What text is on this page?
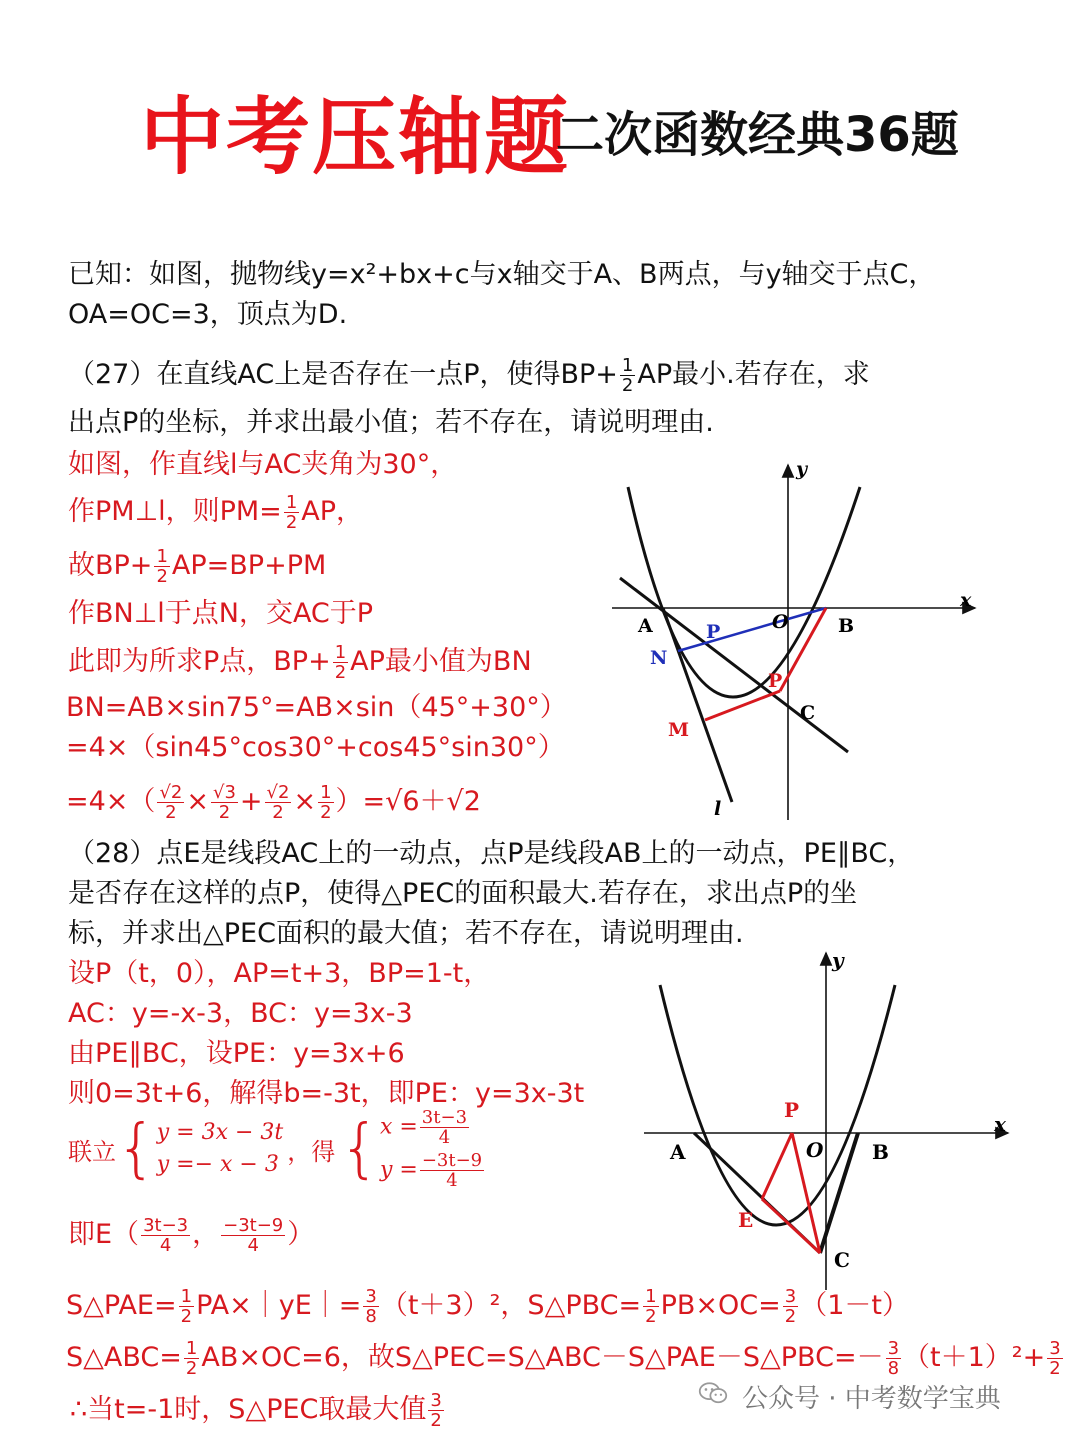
中考压轴题
二次函数经典36题
已知：如图，抛物线y=x²+bx+c与x轴交于A、B两点，与y轴交于点C，
OA=OC=3，顶点为D.
（27）在直线AC上是否存在一点P，使得$BP+ \frac{1}{2}$ AP最小.若存在，求
出点P的坐标，并求出最小值；若不存在，请说明理由.
如图，作直线l与AC夹角为30°，
作PM⊥l，则$PM= \frac{1}{2}$ AP，
故$BP+ \frac{1}{2} AP=BP+PM$
作BN⊥l于点N，交AC于P
此即为所求P点，$BP+ \frac{1}{2}$ AP最小值为BN
BN=AB×sin75°=AB×sin（45°+30°）
=4×（sin45°cos30°+cos45°sin30°）
$=4\times( \frac{√2}{2} \times \frac{√3}{2} + \frac{√2}{2} \times \frac{1}{2} )=√6+√2$
y
x
A	O	B
P
N
P
C
M
l
（28）点E是线段AC上的一动点，点P是线段AB上的一动点，PE∥BC，
是否存在这样的点P，使得△PEC的面积最大.若存在，求出点P的坐
标，并求出△PEC面积的最大值；若不存在，请说明理由.
设P（t，0），AP=t+3，BP=1-t，
AC：y=-x-3，BC：y=3x-3
由PE∥BC，设PE：y=3x+6
则0=3t+6，解得b=-3t，即PE：y=3x-3t
联立{ y = 3x − 3t
y =− x − 3 ，得{ $x = \frac{3t-3}{4}$
$y = \frac{-3t-9}{4}$
即$E( \frac{3t-3}{4}$ ， $\frac{-3t-9}{4}$ ）
S△PAE= $\frac{1}{2}$ PA×｜yE｜= $\frac{3}{8} (t+3)^2$，S△PBC= $\frac{1}{2} PB\times OC= \frac{3}{2} (1-t)$
S△ABC= $\frac{1}{2} AB\times OC=6$，故S△PEC=S△ABC－S△PAE－S△PBC=－ $\frac{3}{8} (t+1)^2+ \frac{3}{2}$
∴当t=-1时，S△PEC取最大值 $\frac{3}{2}$
y
x
A	O B
P
E
C
公众号 · 中考数学宝典
